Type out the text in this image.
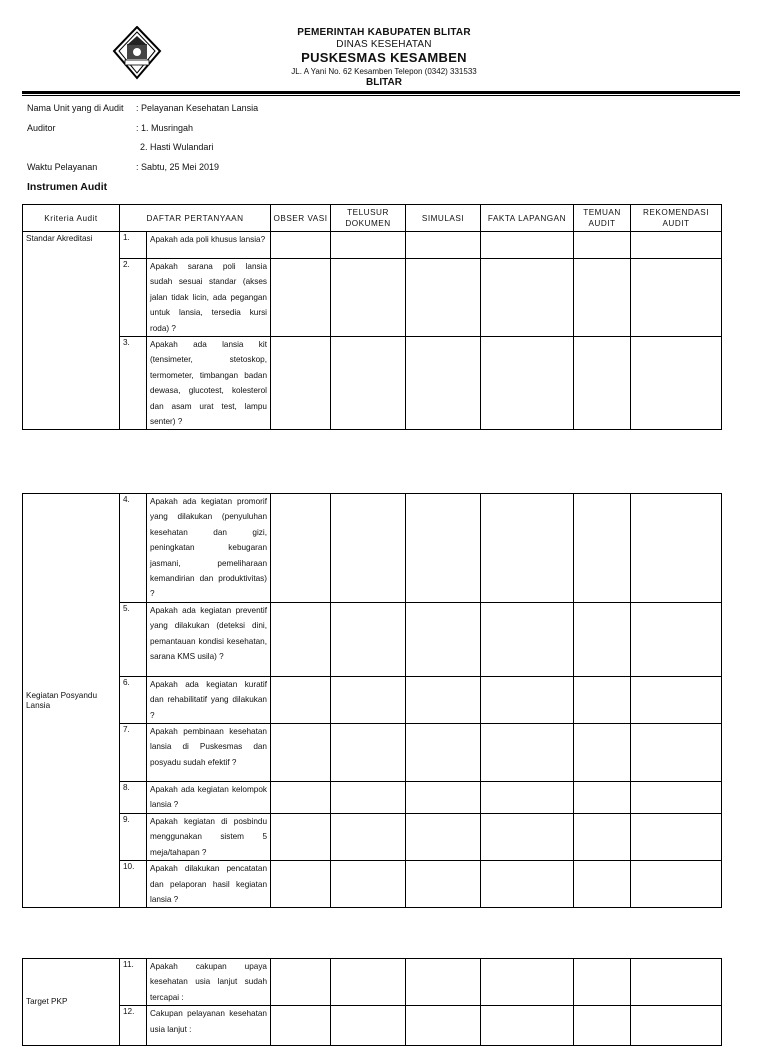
PEMERINTAH KABUPATEN BLITAR
DINAS KESEHATAN
PUSKESMAS KESAMBEN
JL. A Yani No. 62 Kesamben Telepon (0342) 331533
BLITAR
Nama Unit yang di Audit : Pelayanan Kesehatan Lansia
Auditor	: 1. Musringah
2. Hasti Wulandari
Waktu Pelayanan	: Sabtu, 25 Mei 2019
Instrumen Audit
Kriteria Audit	DAFTAR PERTANYAAN		OBSER VASI	TELUSUR DOKUMEN	SIMULASI	FAKTA LAPANGAN	TEMUAN AUDIT	REKOMENDASI AUDIT
Standar Akreditasi	1.	Apakah ada poli khusus lansia?						
	2.	Apakah sarana poli lansia sudah sesuai standar (akses jalan tidak licin, ada pegangan untuk lansia, tersedia kursi roda) ?						
	3.	Apakah ada lansia kit (tensimeter, stetoskop, termometer, timbangan badan dewasa, glucotest, kolesterol dan asam urat test, lampu senter) ?						
Kegiatan Posyandu Lansia	4.	Apakah ada kegiatan promorif yang dilakukan (penyuluhan kesehatan dan gizi, peningkatan kebugaran jasmani, pemeliharaan kemandirian dan produktivitas) ?						
	5.	Apakah ada kegiatan preventif yang dilakukan (deteksi dini, pemantauan kondisi kesehatan, sarana KMS usila) ?						
	6.	Apakah ada kegiatan kuratif dan rehabilitatif yang dilakukan ?						
	7.	Apakah pembinaan kesehatan lansia di Puskesmas dan posyadu sudah efektif ?						
	8.	Apakah ada kegiatan kelompok lansia ?						
	9.	Apakah kegiatan di posbindu menggunakan sistem 5 meja/tahapan ?						
	10.	Apakah dilakukan pencatatan dan pelaporan hasil kegiatan lansia ?						
Target PKP	11.	Apakah cakupan upaya kesehatan usia lanjut sudah tercapai :						
	12.	Cakupan pelayanan kesehatan usia lanjut :						
